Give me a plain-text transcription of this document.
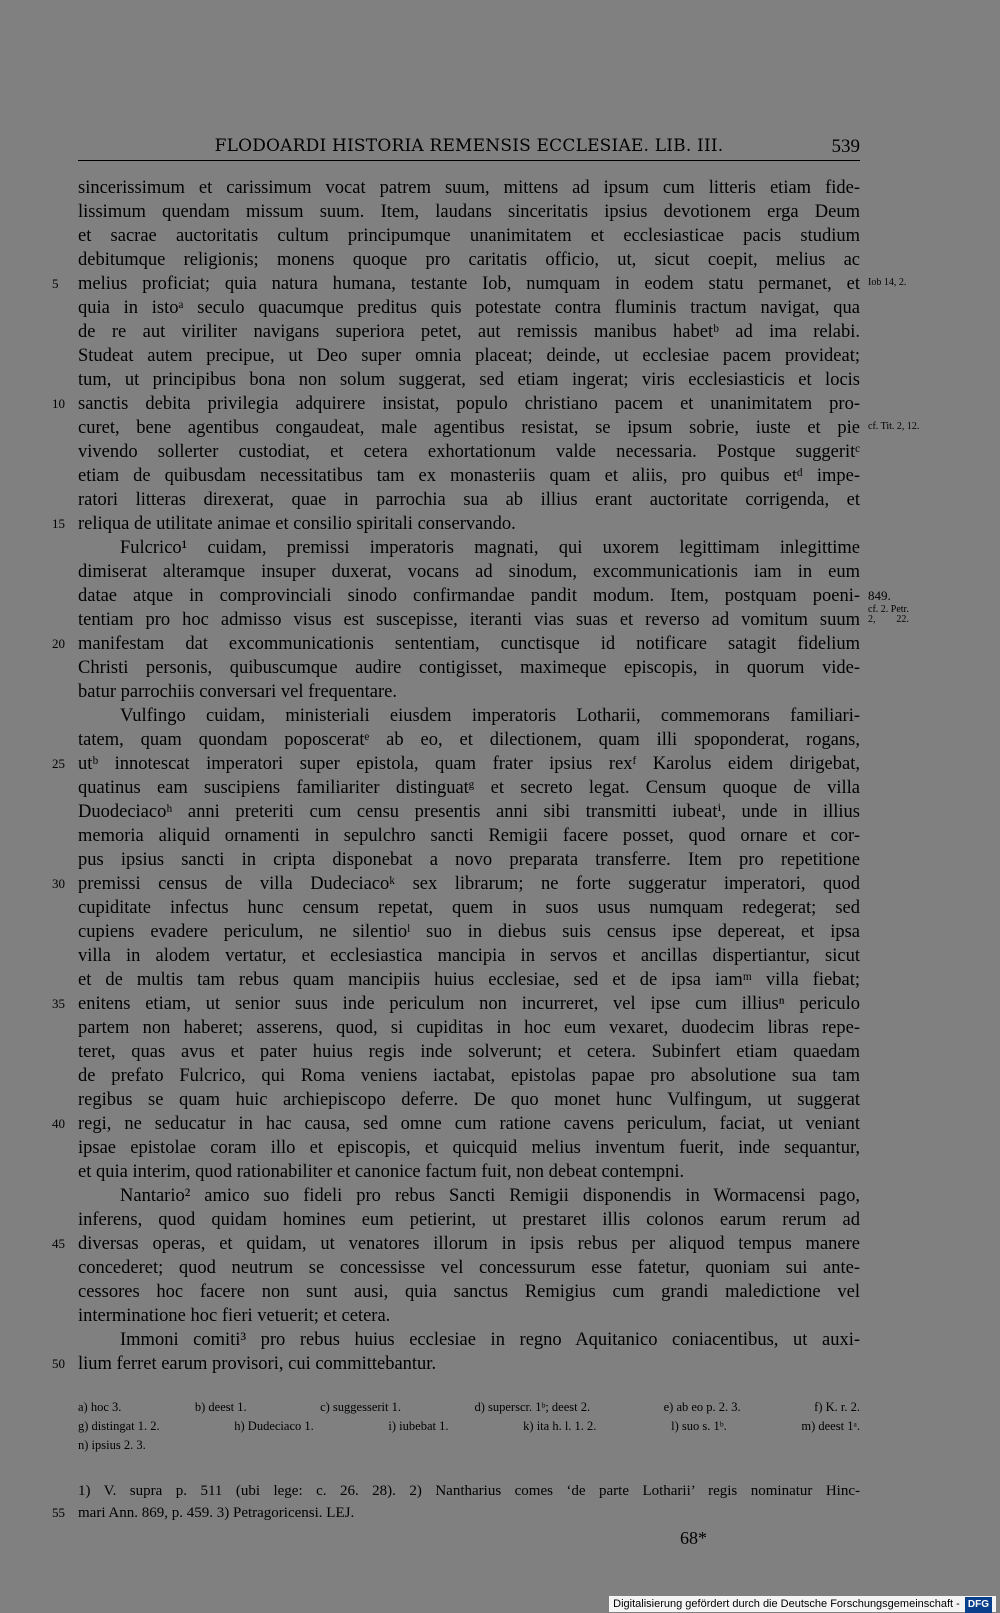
FLODOARDI HISTORIA REMENSIS ECCLESIAE. LIB. III.	539
sincerissimum et carissimum vocat patrem suum, mittens ad ipsum cum litteris etiam fide-
lissimum quendam missum suum. Item, laudans sinceritatis ipsius devotionem erga Deum
et sacrae auctoritatis cultum principumque unanimitatem et ecclesiasticae pacis studium
debitumque religionis; monens quoque pro caritatis officio, ut, sicut coepit, melius ac
melius proficiat; quia natura humana, testante Iob, numquam in eodem statu permanet, et
5	Iob 14, 2.
quia in istoᵃ seculo quacumque preditus quis potestate contra fluminis tractum navigat, qua
de re aut viriliter navigans superiora petet, aut remissis manibus habetᵇ ad ima relabi.
Studeat autem precipue, ut Deo super omnia placeat; deinde, ut ecclesiae pacem provideat;
tum, ut principibus bona non solum suggerat, sed etiam ingerat; viris ecclesiasticis et locis
sanctis debita privilegia adquirere insistat, populo christiano pacem et unanimitatem pro-
10
curet, bene agentibus congaudeat, male agentibus resistat, se ipsum sobrie, iuste et pie cf. Tit. 2, 12.
vivendo sollerter custodiat, et cetera exhortationum valde necessaria. Postque suggeritᶜ
etiam de quibusdam necessitatibus tam ex monasteriis quam et aliis, pro quibus etᵈ impe-
ratori litteras direxerat, quae in parrochia sua ab illius erant auctoritate corrigenda, et
reliqua de utilitate animae et consilio spiritali conservando.
15
Fulcrico¹ cuidam, premissi imperatoris magnati, qui uxorem legittimam inlegittime
dimiserat alteramque insuper duxerat, vocans ad sinodum, excommunicationis iam in eum
datae atque in comprovinciali sinodo confirmandae pandit modum. Item, postquam poeni- 849.
tentiam pro hoc admisso visus est suscepisse, iteranti vias suas et reverso ad vomitum suum
cf. 2. Petr.
2, 22.
manifestam dat excommunicationis sententiam, cunctisque id notificare satagit fidelium
20
Christi personis, quibuscumque audire contigisset, maximeque episcopis, in quorum vide-
batur parrochiis conversari vel frequentare.
Vulfingo cuidam, ministeriali eiusdem imperatoris Lotharii, commemorans familiari-
tatem, quam quondam poposceratᵉ ab eo, et dilectionem, quam illi spoponderat, rogans,
utᵇ innotescat imperatori super epistola, quam frater ipsius rexᶠ Karolus eidem dirigebat,
25
quatinus eam suscipiens familiariter distinguatᵍ et secreto legat. Censum quoque de villa
Duodeciacoʰ anni preteriti cum censu presentis anni sibi transmitti iubeatⁱ, unde in illius
memoria aliquid ornamenti in sepulchro sancti Remigii facere posset, quod ornare et cor-
pus ipsius sancti in cripta disponebat a novo preparata transferre. Item pro repetitione
premissi census de villa Dudeciacoᵏ sex librarum; ne forte suggeratur imperatori, quod
30
cupiditate infectus hunc censum repetat, quem in suos usus numquam redegerat; sed
cupiens evadere periculum, ne silentioˡ suo in diebus suis census ipse depereat, et ipsa
villa in alodem vertatur, et ecclesiastica mancipia in servos et ancillas dispertiantur, sicut
et de multis tam rebus quam mancipiis huius ecclesiae, sed et de ipsa iamᵐ villa fiebat;
enitens etiam, ut senior suus inde periculum non incurreret, vel ipse cum illiusⁿ periculo
35
partem non haberet; asserens, quod, si cupiditas in hoc eum vexaret, duodecim libras repe-
teret, quas avus et pater huius regis inde solverunt; et cetera. Subinfert etiam quaedam
de prefato Fulcrico, qui Roma veniens iactabat, epistolas papae pro absolutione sua tam
regibus se quam huic archiepiscopo deferre. De quo monet hunc Vulfingum, ut suggerat
regi, ne seducatur in hac causa, sed omne cum ratione cavens periculum, faciat, ut veniant
40
ipsae epistolae coram illo et episcopis, et quicquid melius inventum fuerit, inde sequantur,
et quia interim, quod rationabiliter et canonice factum fuit, non debeat contempni.
Nantario² amico suo fideli pro rebus Sancti Remigii disponendis in Wormacensi pago,
inferens, quod quidam homines eum petierint, ut prestaret illis colonos earum rerum ad
diversas operas, et quidam, ut venatores illorum in ipsis rebus per aliquod tempus manere
45
concederet; quod neutrum se concessisse vel concessurum esse fatetur, quoniam sui ante-
cessores hoc facere non sunt ausi, quia sanctus Remigius cum grandi maledictione vel
interminatione hoc fieri vetuerit; et cetera.
Immoni comiti³ pro rebus huius ecclesiae in regno Aquitanico coniacentibus, ut auxi-
lium ferret earum provisori, cui committebantur.
50
a) hoc 3.	b) deest 1.	c) suggesserit 1.	d) superscr. 1ᵇ; deest 2.	e) ab eo p. 2. 3.	f) K. r. 2.
g) distingat 1. 2.	h) Dudeciaco 1.	i) iubebat 1.	k) ita h. l. 1. 2.	l) suo s. 1ᵇ.	m) deest 1ᵃ.
n) ipsius 2. 3.
1) V. supra p. 511 (ubi lege: c. 26. 28). 2) Nantharius comes ‘de parte Lotharii’ regis nominatur Hinc-
mari Ann. 869, p. 459. 3) Petragoricensi. LEJ.
55
68*
Digitalisierung gefördert durch die Deutsche Forschungsgemeinschaft - DFG
